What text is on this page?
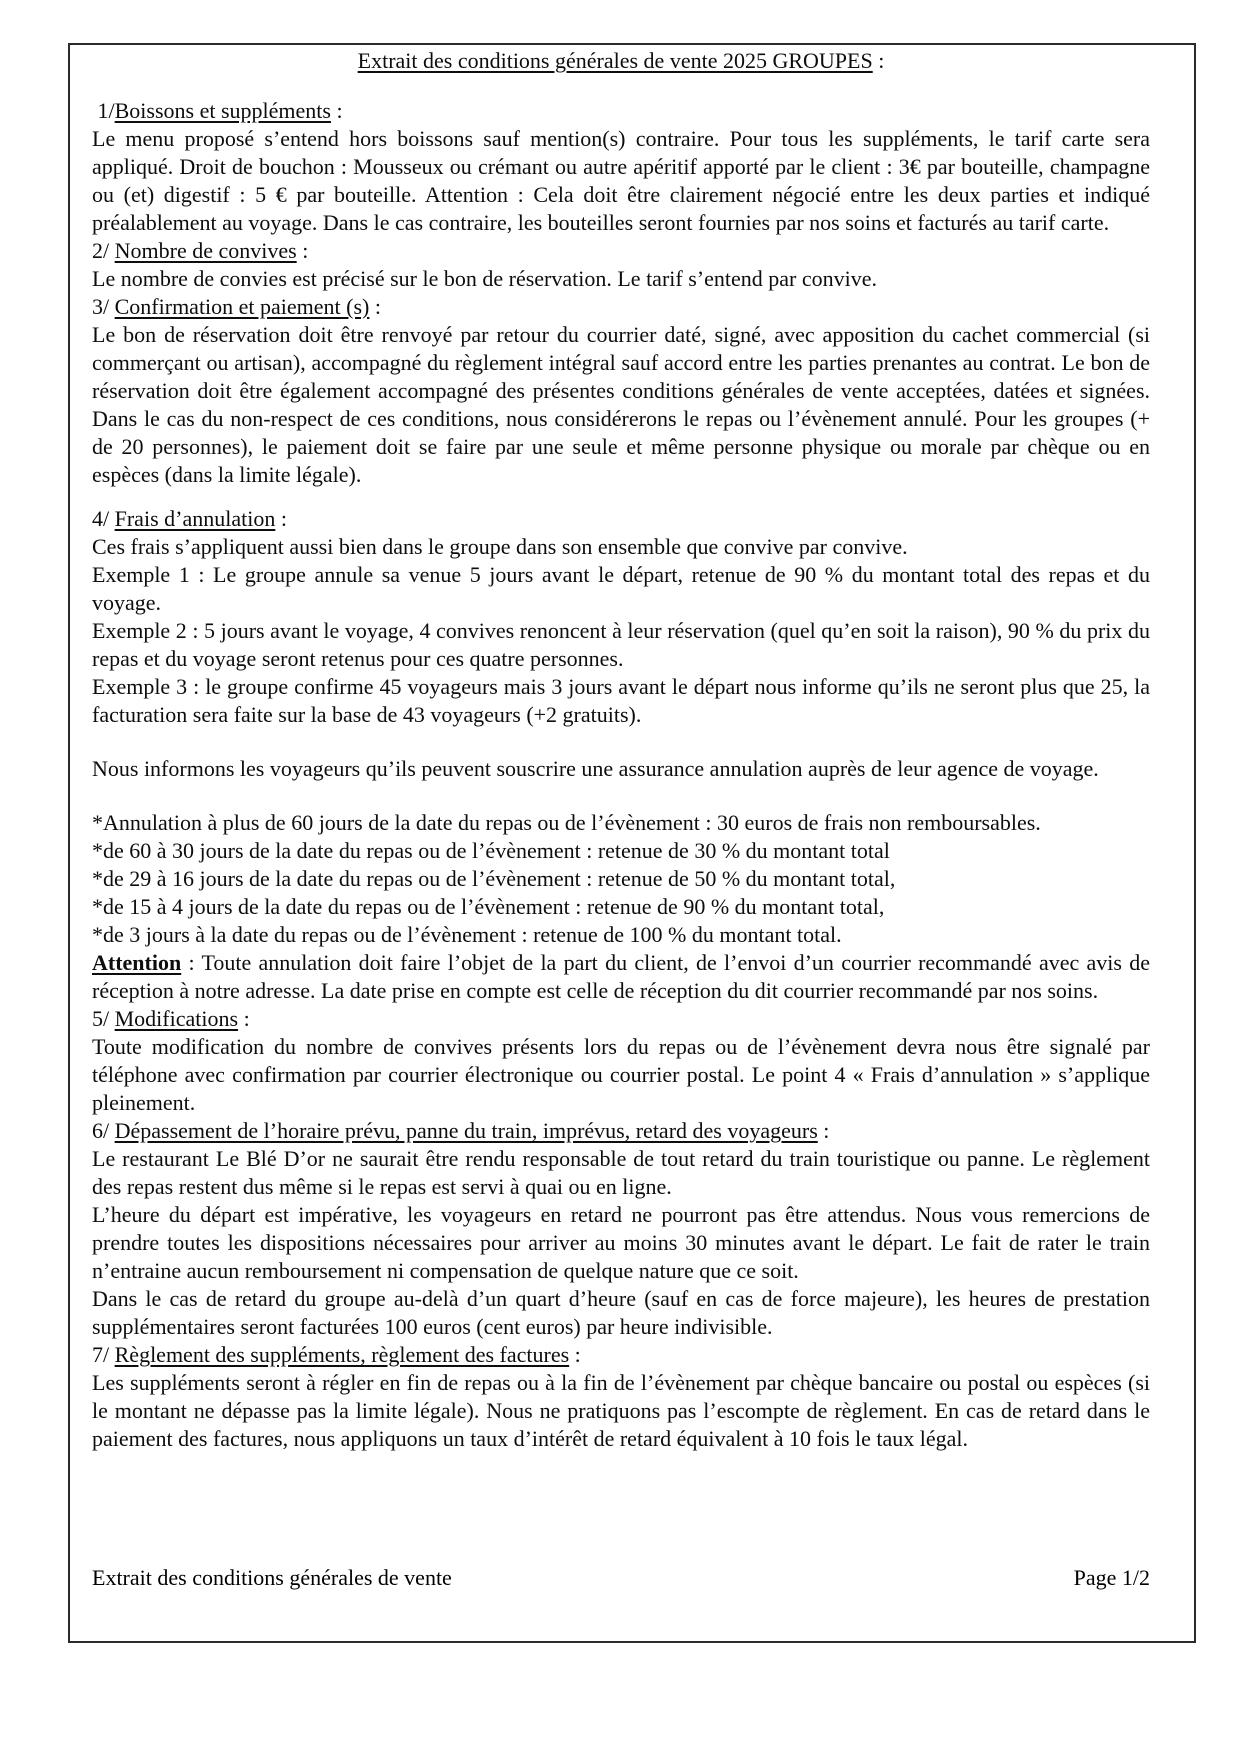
Extrait des conditions générales de vente 2025 GROUPES :

1/Boissons et suppléments :

Le menu proposé s’entend hors boissons sauf mention(s) contraire. Pour tous les suppléments, le tarif carte sera appliqué. Droit de bouchon : Mousseux ou crémant ou autre apéritif apporté par le client : 3€ par bouteille, champagne ou (et) digestif : 5 € par bouteille. Attention : Cela doit être clairement négocié entre les deux parties et indiqué préalablement au voyage. Dans le cas contraire, les bouteilles seront fournies par nos soins et facturés au tarif carte.

2/ Nombre de convives :

Le nombre de convies est précisé sur le bon de réservation. Le tarif s’entend par convive.

3/ Confirmation et paiement (s) :

Le bon de réservation doit être renvoyé par retour du courrier daté, signé, avec apposition du cachet commercial (si commerçant ou artisan), accompagné du règlement intégral sauf accord entre les parties prenantes au contrat. Le bon de réservation doit être également accompagné des présentes conditions générales de vente acceptées, datées et signées. Dans le cas du non-respect de ces conditions, nous considérerons le repas ou l’évènement annulé. Pour les groupes (+ de 20 personnes), le paiement doit se faire par une seule et même personne physique ou morale par chèque ou en espèces (dans la limite légale).

4/ Frais d’annulation :

Ces frais s’appliquent aussi bien dans le groupe dans son ensemble que convive par convive.

Exemple 1 : Le groupe annule sa venue 5 jours avant le départ, retenue de 90 % du montant total des repas et du voyage.

Exemple 2 : 5 jours avant le voyage, 4 convives renoncent à leur réservation (quel qu’en soit la raison), 90 % du prix du repas et du voyage seront retenus pour ces quatre personnes.

Exemple 3 : le groupe confirme 45 voyageurs mais 3 jours avant le départ nous informe qu’ils ne seront plus que 25, la facturation sera faite sur la base de 43 voyageurs (+2 gratuits).

Nous informons les voyageurs qu’ils peuvent souscrire une assurance annulation auprès de leur agence de voyage.

*Annulation à plus de 60 jours de la date du repas ou de l’évènement : 30 euros de frais non remboursables.

*de 60 à 30 jours de la date du repas ou de l’évènement : retenue de 30 % du montant total

*de 29 à 16 jours de la date du repas ou de l’évènement : retenue de 50 % du montant total,

*de 15 à 4 jours de la date du repas ou de l’évènement : retenue de 90 % du montant total,

*de 3 jours à la date du repas ou de l’évènement : retenue de 100 % du montant total.

Attention : Toute annulation doit faire l’objet de la part du client, de l’envoi d’un courrier recommandé avec avis de réception à notre adresse. La date prise en compte est celle de réception du dit courrier recommandé par nos soins.

5/ Modifications :

Toute modification du nombre de convives présents lors du repas ou de l’évènement devra nous être signalé par téléphone avec confirmation par courrier électronique ou courrier postal. Le point 4 « Frais d’annulation » s’applique pleinement.

6/ Dépassement de l’horaire prévu, panne du train, imprévus, retard des voyageurs :

Le restaurant Le Blé D’or ne saurait être rendu responsable de tout retard du train touristique ou panne. Le règlement des repas restent dus même si le repas est servi à quai ou en ligne.

L’heure du départ est impérative, les voyageurs en retard ne pourront pas être attendus. Nous vous remercions de prendre toutes les dispositions nécessaires pour arriver au moins 30 minutes avant le départ. Le fait de rater le train n’entraine aucun remboursement ni compensation de quelque nature que ce soit.

Dans le cas de retard du groupe au-delà d’un quart d’heure (sauf en cas de force majeure), les heures de prestation supplémentaires seront facturées 100 euros (cent euros) par heure indivisible.

7/ Règlement des suppléments, règlement des factures :

Les suppléments seront à régler en fin de repas ou à la fin de l’évènement par chèque bancaire ou postal ou espèces (si le montant ne dépasse pas la limite légale). Nous ne pratiquons pas l’escompte de règlement. En cas de retard dans le paiement des factures, nous appliquons un taux d’intérêt de retard équivalent à 10 fois le taux légal.

Extrait des conditions générales de vente	Page 1/2
